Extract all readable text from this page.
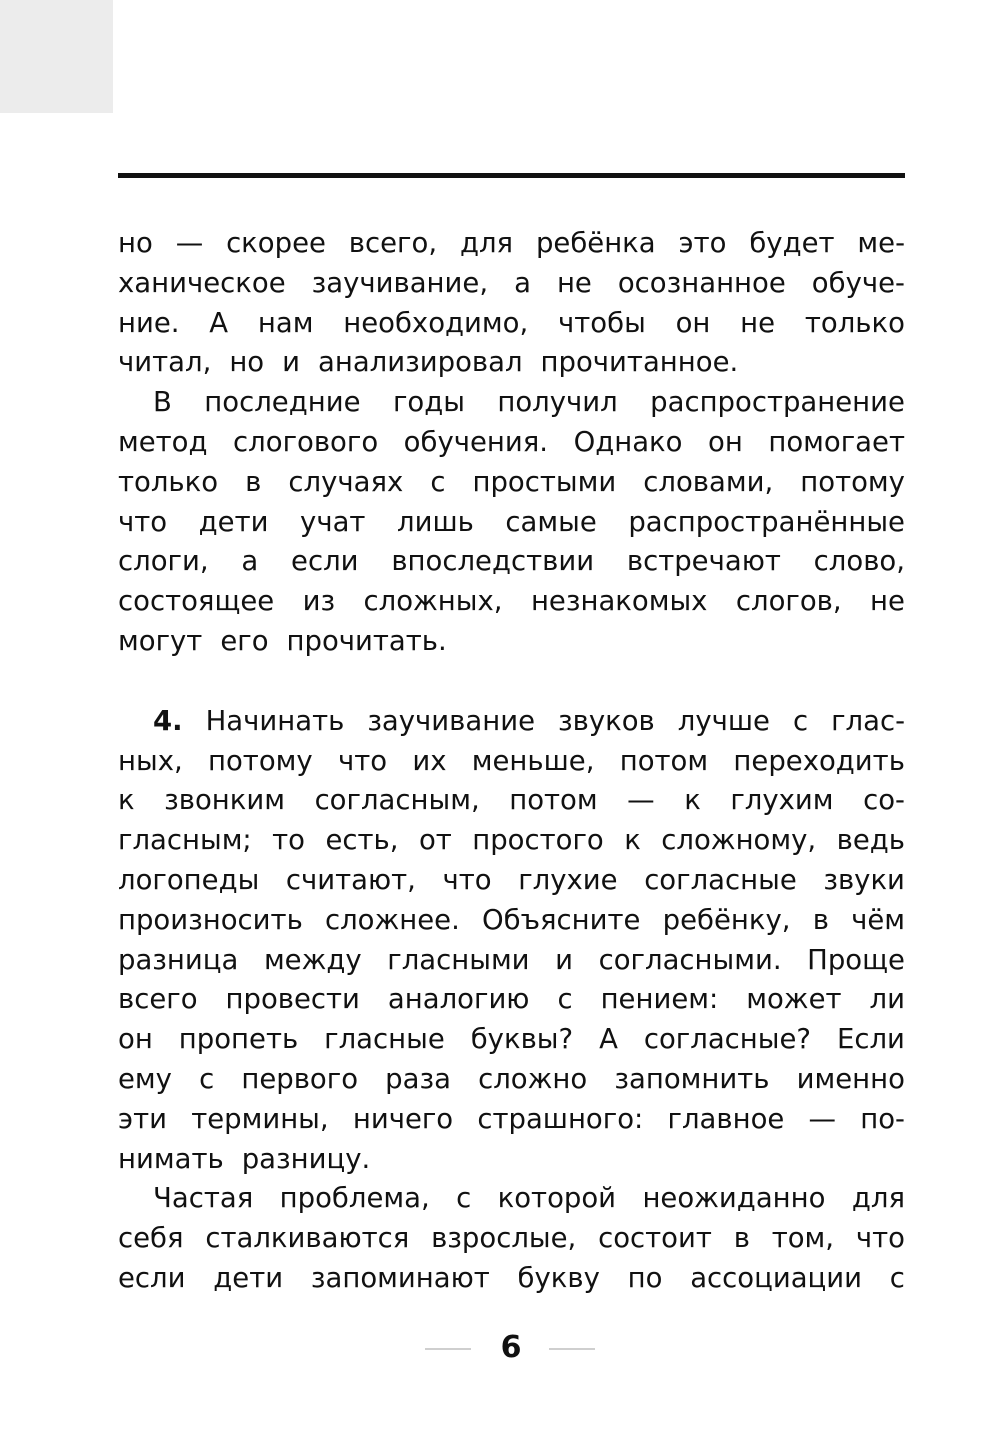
но — скорее всего, для ребёнка это будет ме-
ханическое заучивание, а не осознанное обуче-
ние. А нам необходимо, чтобы он не только
читал, но и анализировал прочитанное.
В последние годы получил распространение
метод слогового обучения. Однако он помогает
только в случаях с простыми словами, потому
что дети учат лишь самые распространённые
слоги, а если впоследствии встречают слово,
состоящее из сложных, незнакомых слогов, не
могут его прочитать.
4. Начинать заучивание звуков лучше с глас-
ных, потому что их меньше, потом переходить
к звонким согласным, потом — к глухим со-
гласным; то есть, от простого к сложному, ведь
логопеды считают, что глухие согласные звуки
произносить сложнее. Объясните ребёнку, в чём
разница между гласными и согласными. Проще
всего провести аналогию с пением: может ли
он пропеть гласные буквы? А согласные? Если
ему с первого раза сложно запомнить именно
эти термины, ничего страшного: главное — по-
нимать разницу.
Частая проблема, с которой неожиданно для
себя сталкиваются взрослые, состоит в том, что
если дети запоминают букву по ассоциации с
6
